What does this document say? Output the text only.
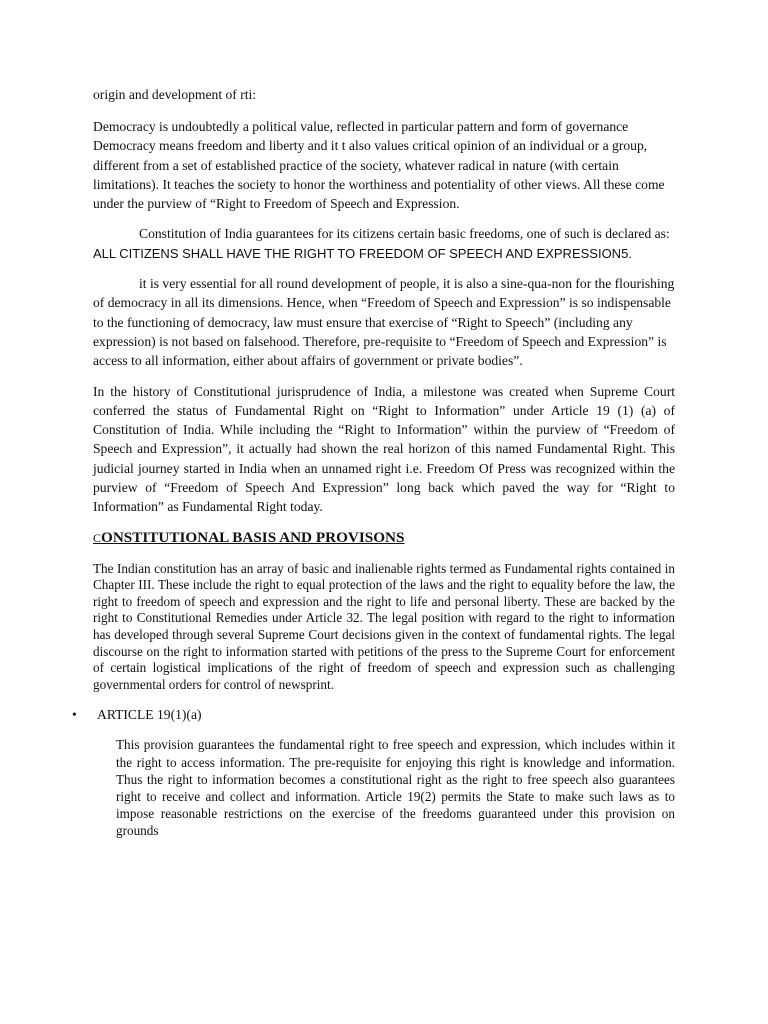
origin and development of rti:

Democracy is undoubtedly a political value, reflected in particular pattern and form of governance Democracy means freedom and liberty and it t also values critical opinion of an individual or a group, different from a set of established practice of the society, whatever radical in nature (with certain limitations). It teaches the society to honor the worthiness and potentiality of other views. All these come under the purview of “Right to Freedom of Speech and Expression.

Constitution of India guarantees for its citizens certain basic freedoms, one of such is declared as: ALL CITIZENS SHALL HAVE THE RIGHT TO FREEDOM OF SPEECH AND EXPRESSION5.

it is very essential for all round development of people, it is also a sine-qua-non for the flourishing of democracy in all its dimensions. Hence, when “Freedom of Speech and Expression” is so indispensable to the functioning of democracy, law must ensure that exercise of “Right to Speech” (including any expression) is not based on falsehood. Therefore, pre-requisite to “Freedom of Speech and Expression” is access to all information, either about affairs of government or private bodies”.

In the history of Constitutional jurisprudence of India, a milestone was created when Supreme Court conferred the status of Fundamental Right on “Right to Information” under Article 19 (1) (a) of Constitution of India. While including the “Right to Information” within the purview of “Freedom of Speech and Expression”, it actually had shown the real horizon of this named Fundamental Right. This judicial journey started in India when an unnamed right i.e. Freedom Of Press was recognized within the purview of “Freedom of Speech And Expression” long back which paved the way for “Right to Information” as Fundamental Right today.

CONSTITUTIONAL BASIS AND PROVISONS

The Indian constitution has an array of basic and inalienable rights termed as Fundamental rights contained in Chapter III. These include the right to equal protection of the laws and the right to equality before the law, the right to freedom of speech and expression and the right to life and personal liberty. These are backed by the right to Constitutional Remedies under Article 32. The legal position with regard to the right to information has developed through several Supreme Court decisions given in the context of fundamental rights. The legal discourse on the right to information started with petitions of the press to the Supreme Court for enforcement of certain logistical implications of the right of freedom of speech and expression such as challenging governmental orders for control of newsprint.

• ARTICLE 19(1)(a)

This provision guarantees the fundamental right to free speech and expression, which includes within it the right to access information. The pre-requisite for enjoying this right is knowledge and information. Thus the right to information becomes a constitutional right as the right to free speech also guarantees right to receive and collect and information. Article 19(2) permits the State to make such laws as to impose reasonable restrictions on the exercise of the freedoms guaranteed under this provision on grounds
